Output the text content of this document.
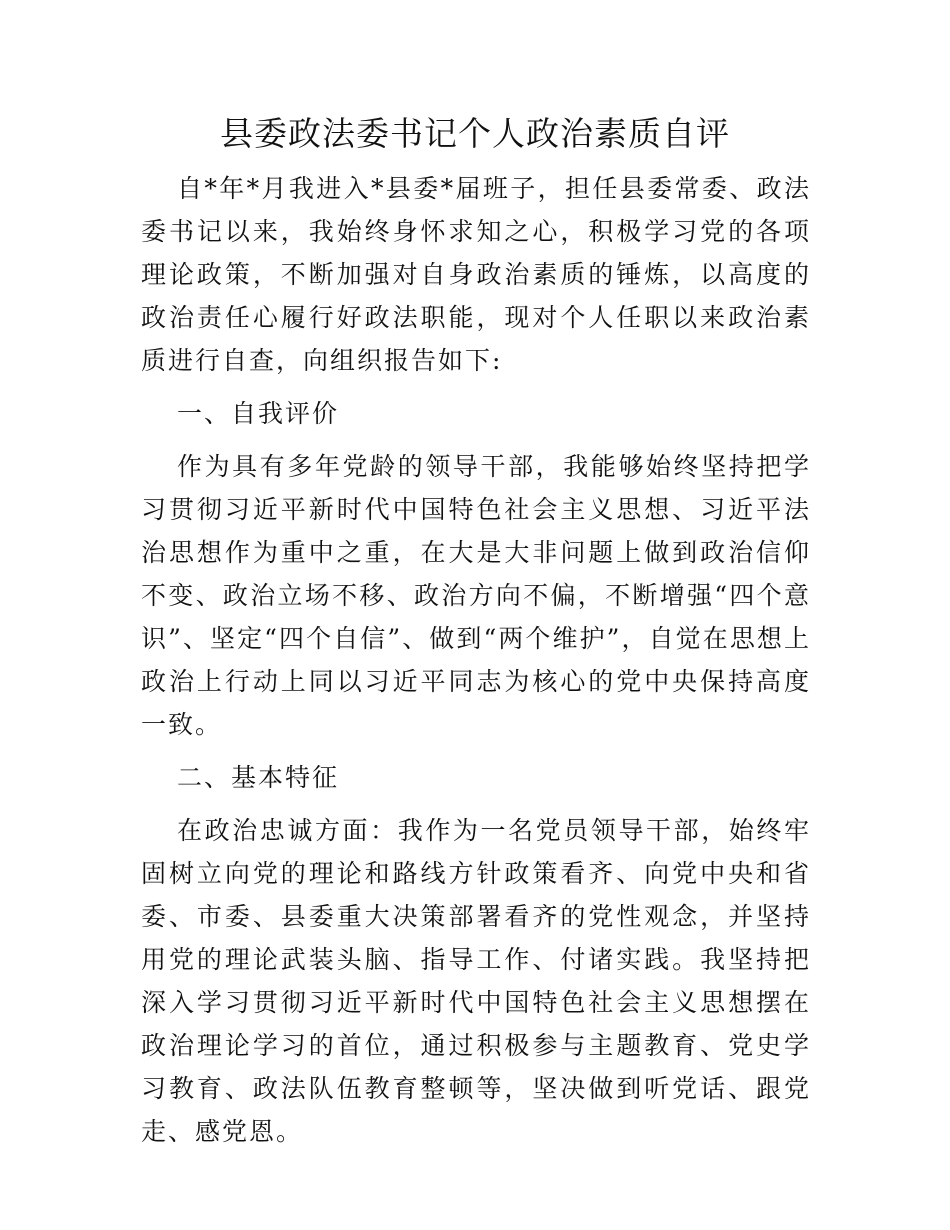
县委政法委书记个人政治素质自评

自*年*月我进入*县委*届班子，担任县委常委、政法委书记以来，我始终身怀求知之心，积极学习党的各项理论政策，不断加强对自身政治素质的锤炼，以高度的政治责任心履行好政法职能，现对个人任职以来政治素质进行自查，向组织报告如下:

一、自我评价

作为具有多年党龄的领导干部，我能够始终坚持把学习贯彻习近平新时代中国特色社会主义思想、习近平法治思想作为重中之重，在大是大非问题上做到政治信仰不变、政治立场不移、政治方向不偏，不断增强“四个意识”、坚定“四个自信”、做到“两个维护”，自觉在思想上政治上行动上同以习近平同志为核心的党中央保持高度一致。

二、基本特征

在政治忠诚方面：我作为一名党员领导干部，始终牢固树立向党的理论和路线方针政策看齐、向党中央和省委、市委、县委重大决策部署看齐的党性观念，并坚持用党的理论武装头脑、指导工作、付诸实践。我坚持把深入学习贯彻习近平新时代中国特色社会主义思想摆在政治理论学习的首位，通过积极参与主题教育、党史学习教育、政法队伍教育整顿等，坚决做到听党话、跟党走、感党恩。
